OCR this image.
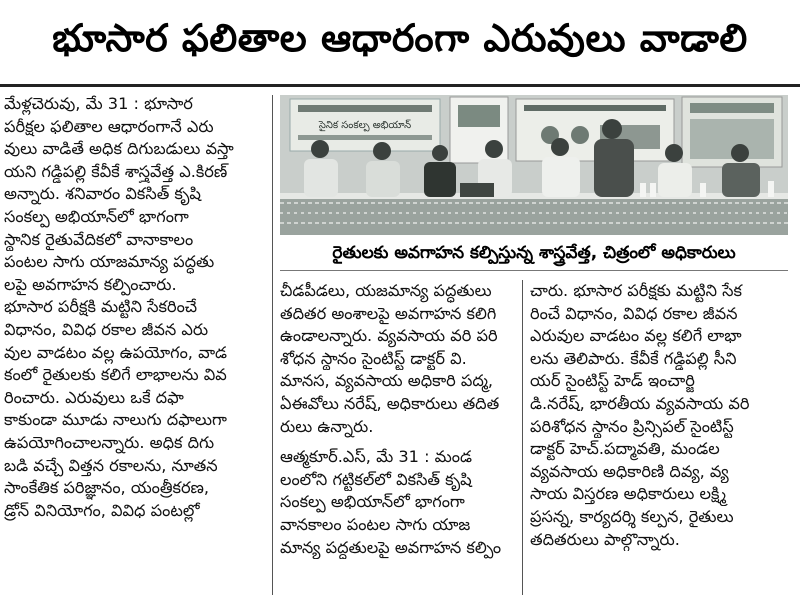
భూసార ఫలితాల ఆధారంగా ఎరువులు వాడాలి
మేళ్లచెరువు, మే 31 : భూసార
పరీక్షల ఫలితాల ఆధారంగానే ఎరు
వులు వాడితే అధిక దిగుబడులు వస్తా
యని గడ్డిపల్లి కేవీకే శాస్త్రవేత్త ఎ.కిరణ్
అన్నారు. శనివారం వికసిత్ కృషి
సంకల్ప అభియాన్‌లో భాగంగా
స్థానిక రైతువేదికలో వానాకాలం
పంటల సాగు యాజమాన్య పద్ధతు
లపై అవగాహన కల్పించారు.
భూసార పరీక్షకి మట్టిని సేకరించే
విధానం, వివిధ రకాల జీవన ఎరు
వుల వాడటం వల్ల ఉపయోగం, వాడ
కంలో రైతులకు కలిగే లాభాలను వివ
రించారు. ఎరువులు ఒకే దఫా
కాకుండా మూడు నాలుగు దఫాలుగా
ఉపయోగించాలన్నారు. అధిక దిగు
బడి వచ్చే విత్తన రకాలను, నూతన
సాంకేతిక పరిజ్ఞానం, యంత్రీకరణ,
డ్రోన్ వినియోగం, వివిధ పంటల్లో
సైనిక సంకల్ప అభియాన్
రైతులకు అవగాహన కల్పిస్తున్న శాస్త్రవేత్త, చిత్రంలో అధికారులు
చీడపీడలు, యజమాన్య పద్ధతులు
తదితర అంశాలపై అవగాహన కలిగి
ఉండాలన్నారు. వ్యవసాయ వరి పరి
శోధన స్థానం సైంటిస్ట్ డాక్టర్ వి.
మానస, వ్యవసాయ అధికారి పద్మ,
ఏఈవోలు నరేష్, అధికారులు తదిత
రులు ఉన్నారు.

ఆత్మకూర్.ఎస్, మే 31 : మండ
లంలోని గట్టికల్‌లో వికసిత్ కృషి
సంకల్ప అభియాన్‌లో భాగంగా
వానకాలం పంటల సాగు యాజ
మాన్య పద్ధతులపై అవగాహన కల్పిం
చారు. భూసార పరీక్షకు మట్టిని సేక
రించే విధానం, వివిధ రకాల జీవన
ఎరువుల వాడటం వల్ల కలిగే లాభా
లను తెలిపారు. కేవీకే గడ్డిపల్లి సీని
యర్ సైంటిస్ట్ హెడ్ ఇంచార్జి
డి.నరేష్, భారతీయ వ్యవసాయ వరి
పరిశోధన స్థానం ప్రిన్సిపల్ సైంటిస్ట్
డాక్టర్ హెచ్.పద్మావతి, మండల
వ్యవసాయ అధికారిణి దివ్య, వ్య
సాయ విస్తరణ అధికారులు లక్ష్మి
ప్రసన్న, కార్యదర్శి కల్పన, రైతులు
తదితరులు పాల్గొన్నారు.
